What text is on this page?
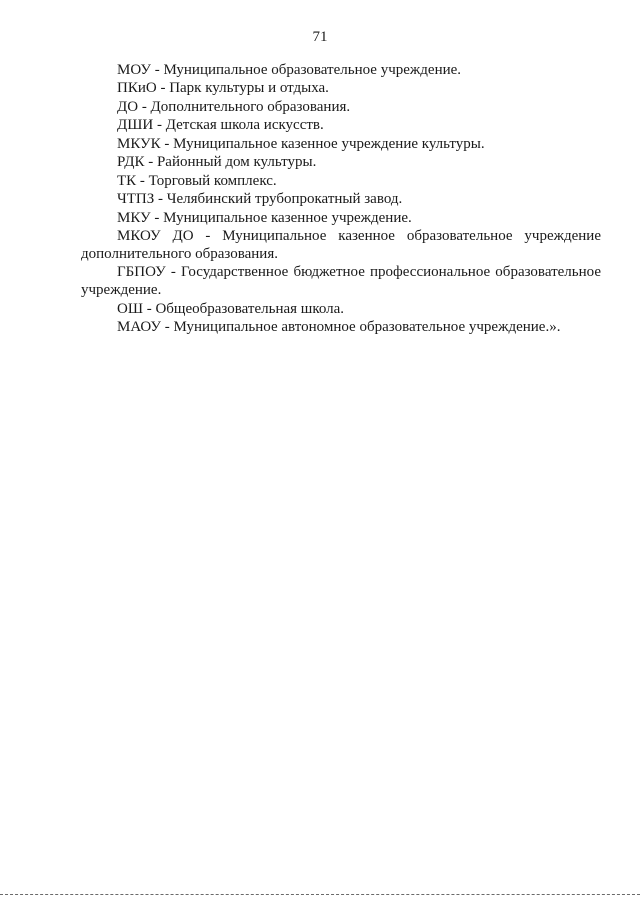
71

МОУ - Муниципальное образовательное учреждение.

ПКиО - Парк культуры и отдыха.

ДО - Дополнительного образования.

ДШИ - Детская школа искусств.

МКУК - Муниципальное казенное учреждение культуры.

РДК - Районный дом культуры.

ТК - Торговый комплекс.

ЧТПЗ - Челябинский трубопрокатный завод.

МКУ - Муниципальное казенное учреждение.

МКОУ ДО - Муниципальное казенное образовательное учреждение дополнительного образования.

ГБПОУ - Государственное бюджетное профессиональное образовательное учреждение.

ОШ - Общеобразовательная школа.

МАОУ - Муниципальное автономное образовательное учреждение.».
